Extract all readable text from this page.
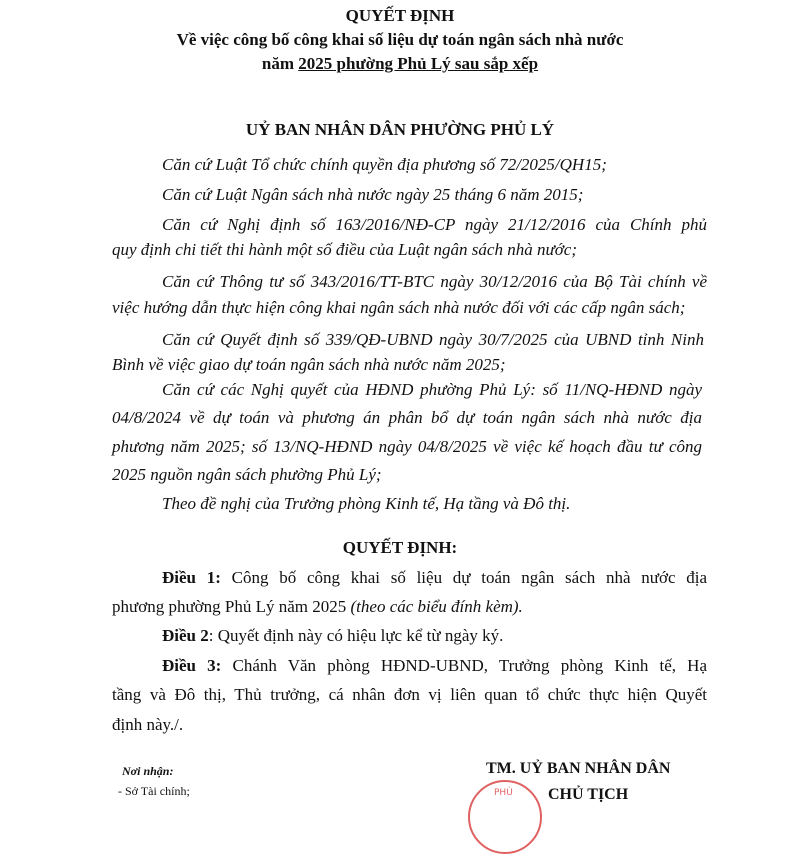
QUYẾT ĐỊNH
Về việc công bố công khai số liệu dự toán ngân sách nhà nước
năm 2025 phường Phủ Lý sau sắp xếp
UỶ BAN NHÂN DÂN PHƯỜNG PHỦ LÝ
Căn cứ Luật Tổ chức chính quyền địa phương số 72/2025/QH15;
Căn cứ Luật Ngân sách nhà nước ngày 25 tháng 6 năm 2015;
Căn cứ Nghị định số 163/2016/NĐ-CP ngày 21/12/2016 của Chính phủ
quy định chi tiết thi hành một số điều của Luật ngân sách nhà nước;
Căn cứ Thông tư số 343/2016/TT-BTC ngày 30/12/2016 của Bộ Tài chính về
việc hướng dẫn thực hiện công khai ngân sách nhà nước đối với các cấp ngân sách;
Căn cứ Quyết định số 339/QĐ-UBND ngày 30/7/2025 của UBND tỉnh Ninh
Bình về việc giao dự toán ngân sách nhà nước năm 2025;
Căn cứ các Nghị quyết của HĐND phường Phủ Lý: số 11/NQ-HĐND ngày
04/8/2024 về dự toán và phương án phân bổ dự toán ngân sách nhà nước địa
phương năm 2025; số 13/NQ-HĐND ngày 04/8/2025 về việc kế hoạch đầu tư công
2025 nguồn ngân sách phường Phủ Lý;
Theo đề nghị của Trưởng phòng Kinh tế, Hạ tầng và Đô thị.
QUYẾT ĐỊNH:
Điều 1: Công bố công khai số liệu dự toán ngân sách nhà nước địa
phương phường Phủ Lý năm 2025 (theo các biểu đính kèm).
Điều 2: Quyết định này có hiệu lực kể từ ngày ký.
Điều 3: Chánh Văn phòng HĐND-UBND, Trưởng phòng Kinh tế, Hạ
tầng và Đô thị, Thủ trưởng, cá nhân đơn vị liên quan tổ chức thực hiện Quyết
định này./.
Nơi nhận:
- Sở Tài chính;	PHÙ
TM. UỶ BAN NHÂN DÂN
CHỦ TỊCH
